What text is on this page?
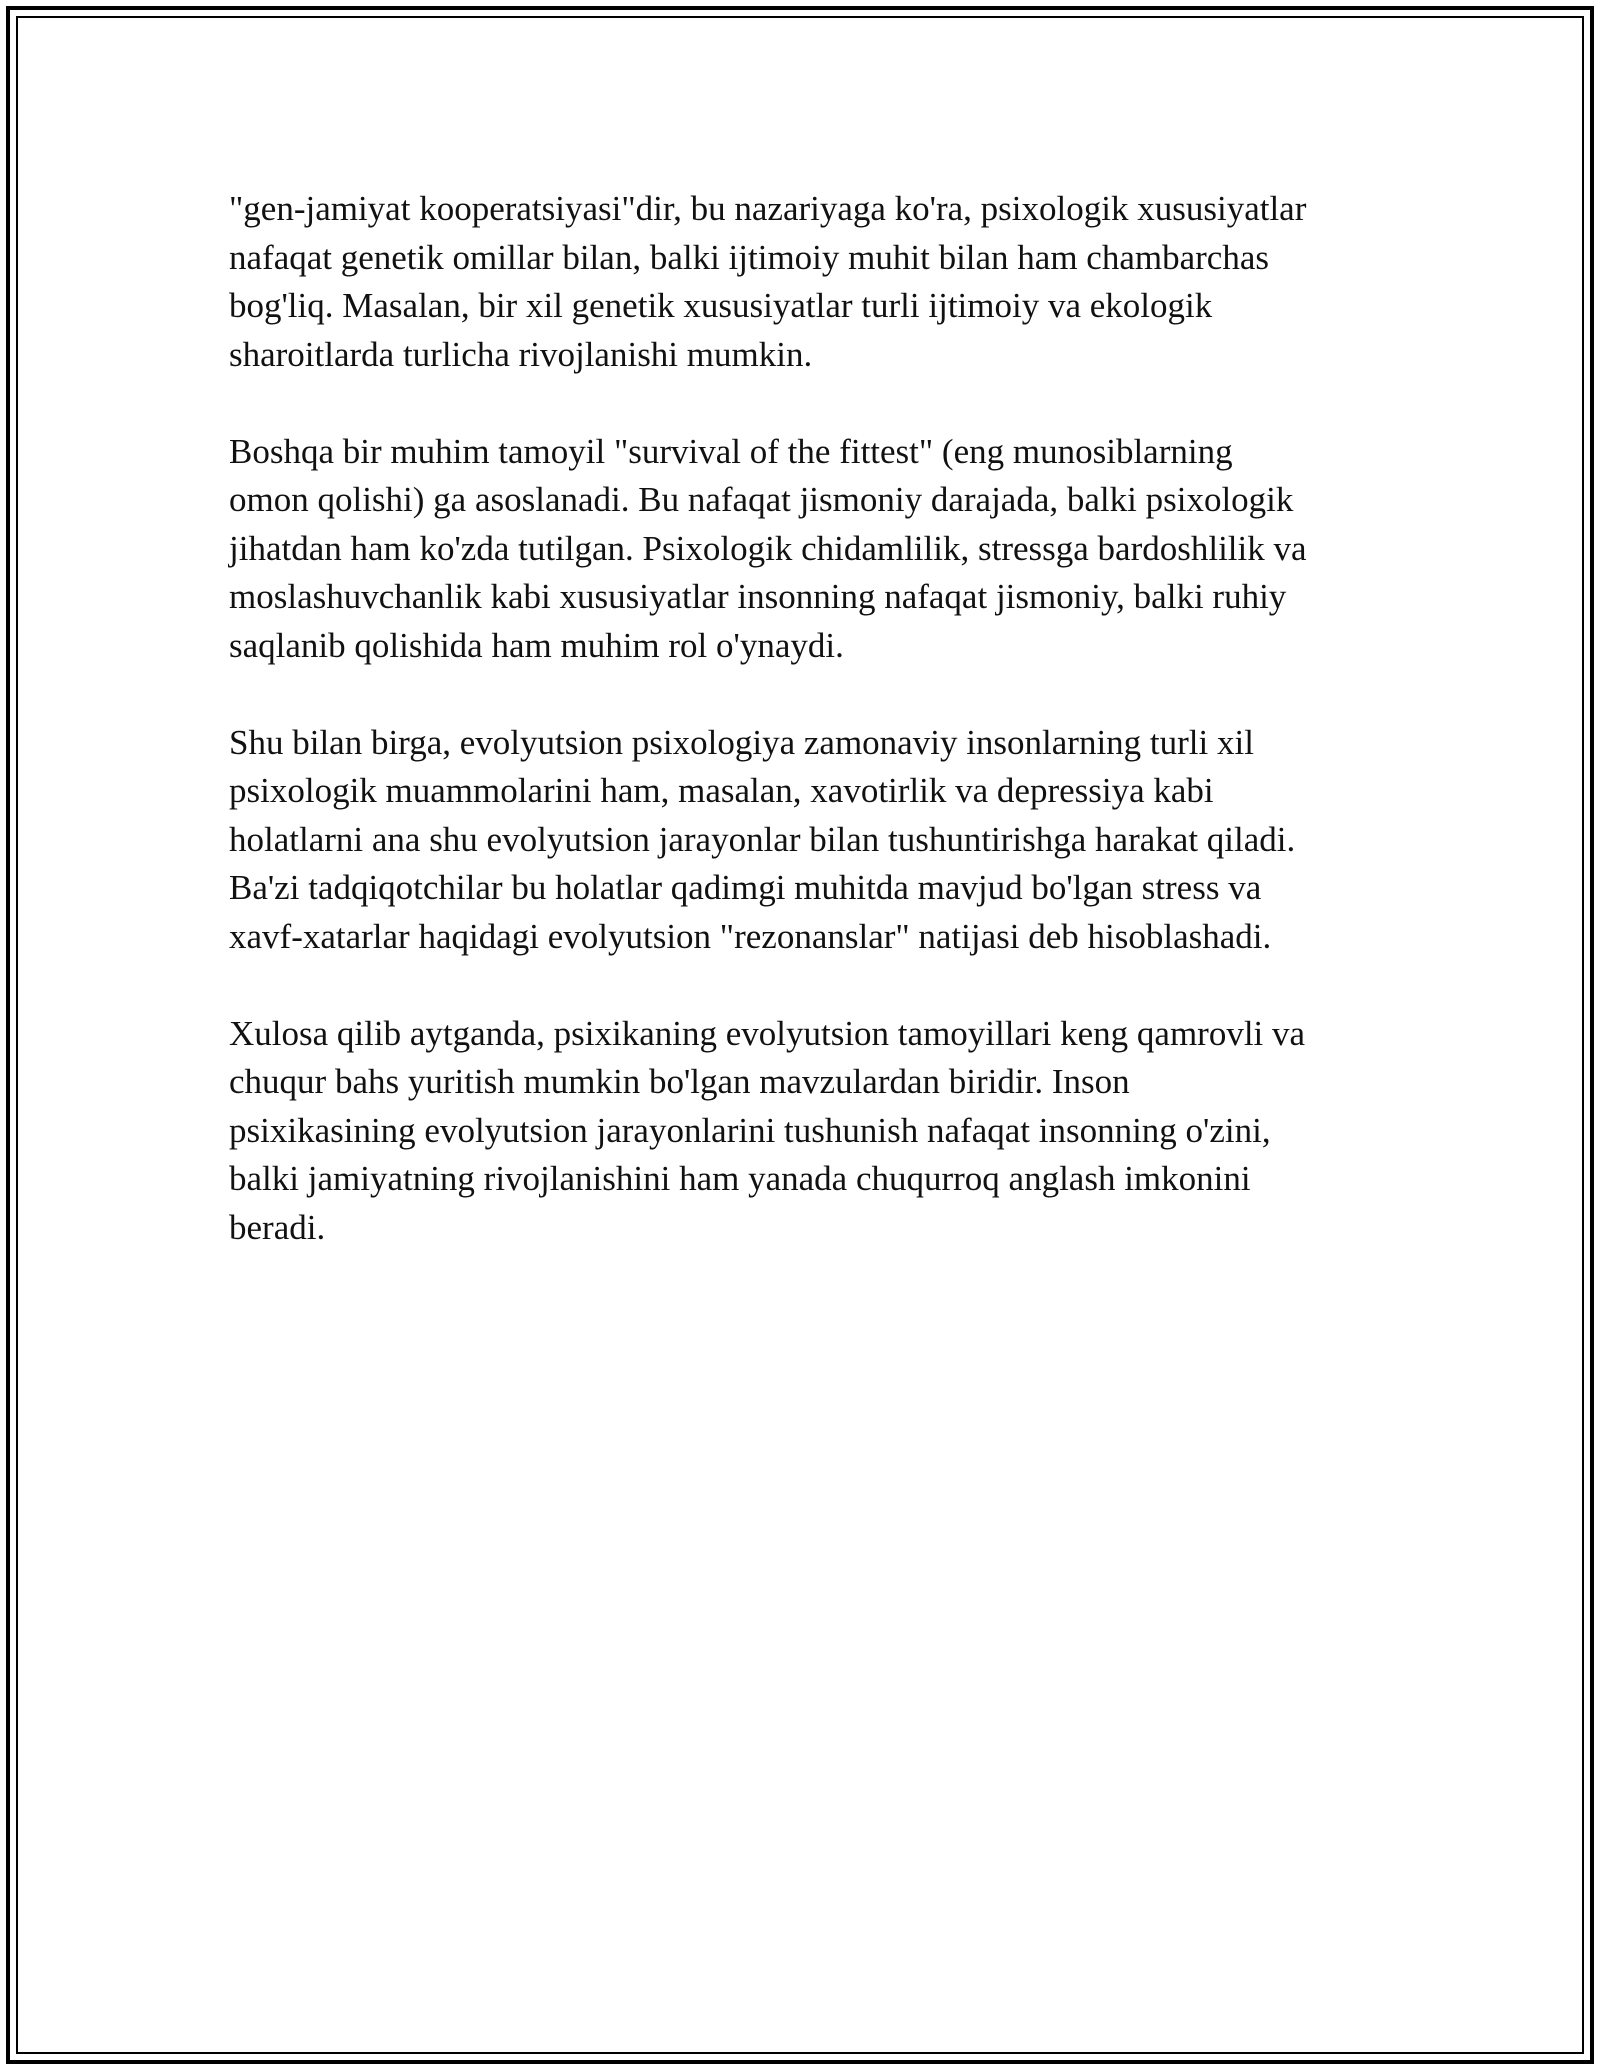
"gen-jamiyat kooperatsiyasi"dir, bu nazariyaga ko'ra, psixologik xususiyatlar
nafaqat genetik omillar bilan, balki ijtimoiy muhit bilan ham chambarchas
bog'liq. Masalan, bir xil genetik xususiyatlar turli ijtimoiy va ekologik
sharoitlarda turlicha rivojlanishi mumkin.

Boshqa bir muhim tamoyil "survival of the fittest" (eng munosiblarning
omon qolishi) ga asoslanadi. Bu nafaqat jismoniy darajada, balki psixologik
jihatdan ham ko'zda tutilgan. Psixologik chidamlilik, stressga bardoshlilik va
moslashuvchanlik kabi xususiyatlar insonning nafaqat jismoniy, balki ruhiy
saqlanib qolishida ham muhim rol o'ynaydi.

Shu bilan birga, evolyutsion psixologiya zamonaviy insonlarning turli xil
psixologik muammolarini ham, masalan, xavotirlik va depressiya kabi
holatlarni ana shu evolyutsion jarayonlar bilan tushuntirishga harakat qiladi.
Ba'zi tadqiqotchilar bu holatlar qadimgi muhitda mavjud bo'lgan stress va
xavf-xatarlar haqidagi evolyutsion "rezonanslar" natijasi deb hisoblashadi.

Xulosa qilib aytganda, psixikaning evolyutsion tamoyillari keng qamrovli va
chuqur bahs yuritish mumkin bo'lgan mavzulardan biridir. Inson
psixikasining evolyutsion jarayonlarini tushunish nafaqat insonning o'zini,
balki jamiyatning rivojlanishini ham yanada chuqurroq anglash imkonini
beradi.
